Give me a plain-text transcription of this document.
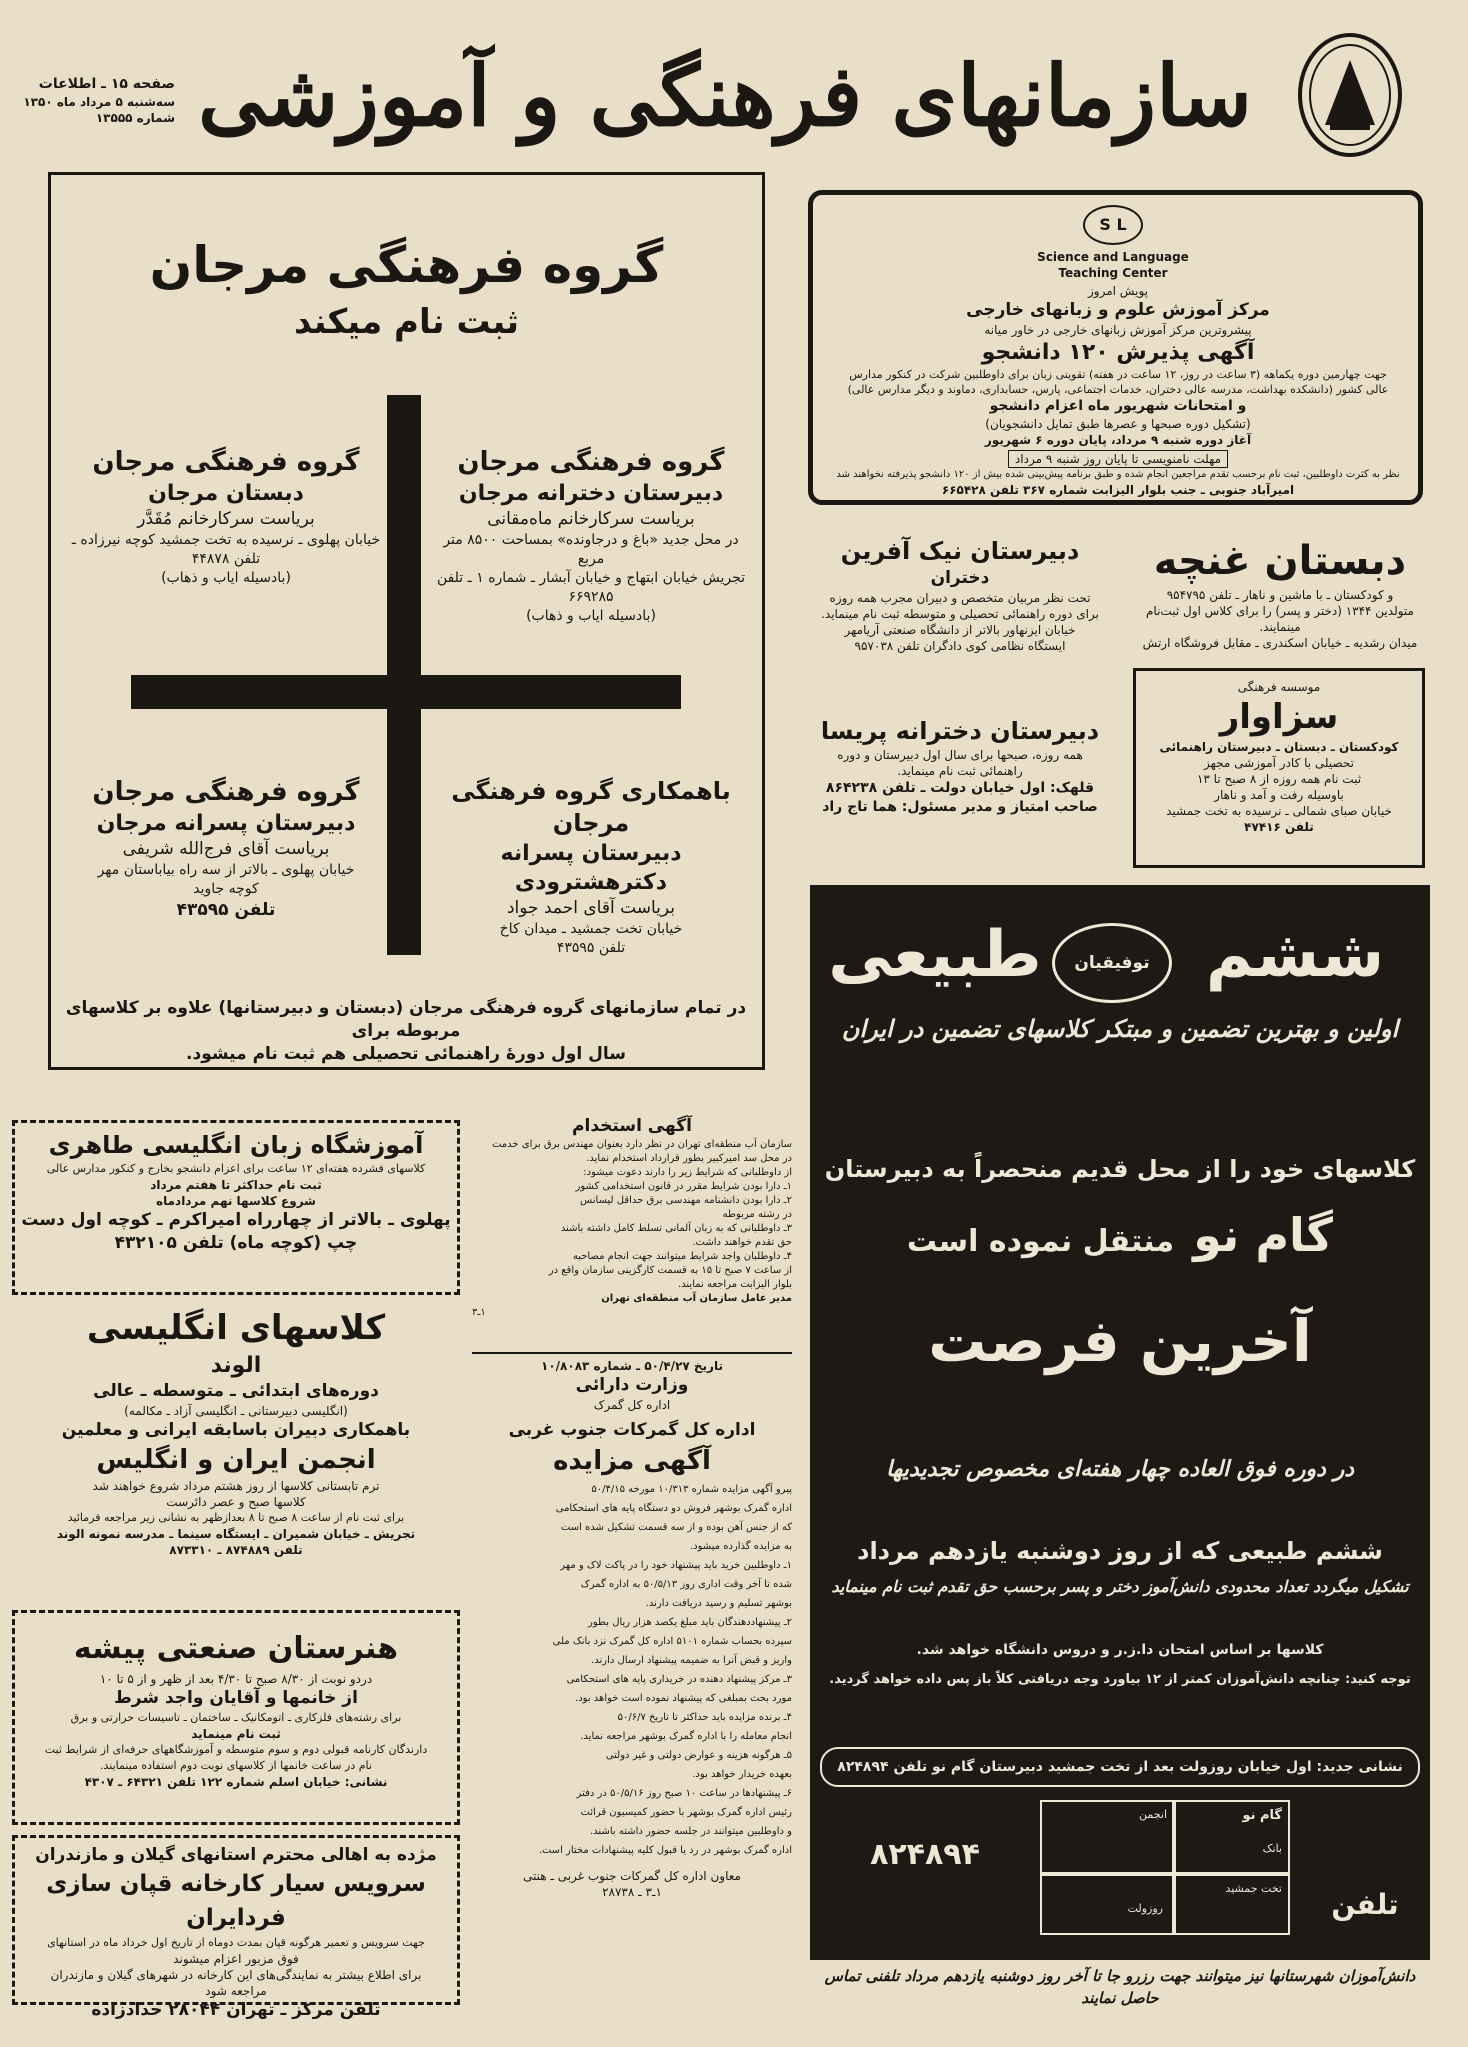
سازمانهای فرهنگی و آموزشی
صفحه ۱۵ ـ اطلاعات
سه‌شنبه ۵ مرداد ماه ۱۳۵۰
شماره ۱۳۵۵۵
گروه فرهنگی مرجان
ثبت نام میکند
گروه فرهنگی مرجان
دبیرستان دخترانه مرجان
بریاست سرکارخانم ماه‌مقانی
در محل جدید «باغ و درجاونده» بمساحت ۸۵۰۰ متر مربع
تجریش خیابان ابتهاج و خیابان آبشار ـ شماره ۱ ـ تلفن ۶۶۹۲۸۵
(بادسیله ایاب و ذهاب)
گروه فرهنگی مرجان
دبستان مرجان
بریاست سرکارخانم مُقَدَّر
خیابان پهلوی ـ نرسیده به تخت جمشید کوچه نیرزاده ـ تلفن ۴۴۸۷۸
(بادسیله ایاب و ذهاب)
باهمکاری گروه فرهنگی مرجان
دبیرستان پسرانه دکترهشترودی
بریاست آقای احمد جواد
خیابان تخت جمشید ـ میدان کاخ
تلفن ۴۳۵۹۵
گروه فرهنگی مرجان
دبیرستان پسرانه مرجان
بریاست آقای فرج‌الله شریفی
خیابان پهلوی ـ بالاتر از سه راه بیاباستان مهر
کوچه جاوید
تلفن ۴۳۵۹۵
در تمام سازمانهای گروه فرهنگی مرجان (دبستان و دبیرستانها) علاوه بر کلاسهای مربوطه برای
سال اول دورهٔ راهنمائی تحصیلی هم ثبت نام میشود.
S L
Science and Language
Teaching Center
پویش امروز
مرکز آموزش علوم و زبانهای خارجی
پیشروترین مرکز آموزش زبانهای خارجی در خاور میانه
آگهی پذیرش ۱۲۰ دانشجو
جهت چهارمین دوره یکماهه (۳ ساعت در روز، ۱۲ ساعت در هفته) تقویتی زبان برای داوطلبین شرکت در کنکور مدارس
عالی کشور (دانشکده بهداشت، مدرسه عالی دختران، خدمات اجتماعی، پارس، حسابداری، دماوند و دیگر مدارس عالی)
و امتحانات شهریور ماه اعزام دانشجو
(تشکیل دوره صبحها و عصرها طبق تمایل دانشجویان)
آغاز دوره شنبه ۹ مرداد، پایان دوره ۶ شهریور
مهلت نامنویسی تا پایان روز شنبه ۹ مرداد
نظر به کثرت داوطلبین، ثبت نام برحسب تقدم مراجعین انجام شده و طبق برنامه پیش‌بینی شده بیش از ۱۲۰ دانشجو پذیرفته نخواهند شد
امیرآباد جنوبی ـ جنب بلوار الیزابت شماره ۳۶۷ تلفن ۶۶۵۴۲۸
دبیرستان نیک آفرین
دختران
تحت نظر مربیان متخصص و دبیران مجرب همه روزه
برای دوره راهنمائی تحصیلی و متوسطه ثبت نام مینماید.
خیابان ایزنهاور بالاتر از دانشگاه صنعتی آریامهر
ایستگاه نظامی کوی دادگران تلفن ۹۵۷۰۳۸
دبستان غنچه
و کودکستان ـ با ماشین و ناهار ـ تلفن ۹۵۴۷۹۵
متولدین ۱۳۴۴ (دختر و پسر) را برای کلاس اول ثبت‌نام مینمایند.
میدان رشدیه ـ خیابان اسکندری ـ مقابل فروشگاه ارتش
دبیرستان دخترانه پریسا
همه روزه، صبحها برای سال اول دبیرستان و دوره
راهنمائی ثبت نام مینماید.
قلهک: اول خیابان دولت ـ تلفن ۸۶۴۲۳۸
صاحب امتیاز و مدیر مسئول: هما تاج راد
موسسه فرهنگی
سزاوار
کودکستان ـ دبستان ـ دبیرستان راهنمائی
تحصیلی با کادر آموزشی مجهز
ثبت نام همه روزه از ۸ صبح تا ۱۳
باوسیله رفت و آمد و ناهار
خیابان صبای شمالی ـ نرسیده به تخت جمشید
تلفن ۴۷۴۱۶
ششم
توفیقیان
طبیعی
اولین و بهترین تضمین و مبتکر کلاسهای تضمین در ایران
کلاسهای خود را از محل قدیم منحصراً به دبیرستان
گام نو منتقل نموده است
آخرین فرصت
در دوره فوق العاده چهار هفته‌ای مخصوص تجدیدیها
ششم طبیعی که از روز دوشنبه یازدهم مرداد
تشکیل میگردد تعداد محدودی دانش‌آموز دختر و پسر برحسب حق تقدم ثبت نام مینماید
کلاسها بر اساس امتحان دا.ز.ر و دروس دانشگاه خواهد شد.
توجه کنید: چنانچه دانش‌آموزان کمتر از ۱۲ بیاورد وجه دریافتی کلاً باز پس داده خواهد گردید.
نشانی جدید: اول خیابان روزولت بعد از تخت جمشید دبیرستان گام نو تلفن ۸۲۴۸۹۴
گام نو
انجمن
بانک
تخت جمشید
روزولت
۸۲۴۸۹۴
تلفن
دانش‌آموزان شهرستانها نیز میتوانند جهت رزرو جا تا آخر روز دوشنبه یازدهم مرداد تلفنی تماس حاصل نمایند
آموزشگاه زبان انگلیسی طاهری
کلاسهای فشرده هفته‌ای ۱۲ ساعت برای اعزام دانشجو بخارج و کنکور مدارس عالی
ثبت نام حداکثر تا هفتم مرداد
شروع کلاسها نهم مردادماه
پهلوی ـ بالاتر از چهارراه امیراکرم ـ کوچه اول دست
چپ (کوچه ماه) تلفن ۴۳۲۱۰۵
کلاسهای انگلیسی
الوند
دوره‌های ابتدائی ـ متوسطه ـ عالی
(انگلیسی دبیرستانی ـ انگلیسی آزاد ـ مکالمه)
باهمکاری دبیران باسابقه ایرانی و معلمین
انجمن ایران و انگلیس
ترم تابستانی کلاسها از روز هشتم مرداد شروع خواهند شد
کلاسها صبح و عصر دائرست
برای ثبت نام از ساعت ۸ صبح تا ۸ بعدازظهر به نشانی زیر مراجعه فرمائید
تجریش ـ خیابان شمیران ـ ایستگاه سینما ـ مدرسه نمونه الوند
تلفن ۸۷۴۸۸۹ ـ ۸۷۳۳۱۰
هنرستان صنعتی پیشه
دردو نوبت از ۸/۳۰ صبح تا ۴/۳۰ بعد از ظهر و از ۵ تا ۱۰
از خانمها و آقایان واجد شرط
برای رشته‌های فلزکاری ـ اتومکانیک ـ ساختمان ـ تاسیسات حرارتی و برق
ثبت نام مینماید
دارندگان کارنامه قبولی دوم و سوم متوسطه و آموزشگاههای حرفه‌ای از شرایط ثبت
نام در ساعت خانمها از کلاسهای نوبت دوم استفاده مینمایند.
نشانی: خیابان اسلم شماره ۱۲۲ تلفن ۶۴۳۲۱ ـ ۴۳۰۷
مژده به اهالی محترم استانهای گیلان و مازندران
سرویس سیار کارخانه قپان سازی فردایران
جهت سرویس و تعمیر هرگونه قپان بمدت دوماه از تاریخ اول خرداد ماه در استانهای
فوق مزبور اعزام میشوند
برای اطلاع بیشتر به نمایندگی‌های این کارخانه در شهرهای گیلان و مازندران
مراجعه شود
تلفن مرکز ـ تهران ۲۸۰۴۴ حدادزاده
آگهی استخدام
سازمان آب منطقه‌ای تهران در نظر دارد بعنوان مهندس برق برای خدمت
در محل سد امیرکبیر بطور قرارداد استخدام نماید.
از داوطلبانی که شرایط زیر را دارند دعوت میشود:
۱ـ دارا بودن شرایط مقرر در قانون استخدامی کشور
۲ـ دارا بودن دانشنامه مهندسی برق حداقل لیسانس
در رشته مربوطه
۳ـ داوطلبانی که به زبان آلمانی تسلط کامل داشته باشند
حق تقدم خواهند داشت.
۴ـ داوطلبان واجد شرایط میتوانند جهت انجام مصاحبه
از ساعت ۷ صبح تا ۱۵ به قسمت کارگزینی سازمان واقع در
بلوار الیزابت مراجعه نمایند.
مدیر عامل سازمان آب منطقه‌ای تهران
۱ـ۳
تاریخ ۵۰/۴/۲۷ ـ شماره ۱۰/۸۰۸۳
وزارت دارائی
اداره کل گمرک
اداره کل گمرکات جنوب غربی
آگهی مزایده
پیرو آگهی مزایده شماره ۱۰/۳۱۳ مورخه ۵۰/۴/۱۵
اداره گمرک بوشهر فروش دو دستگاه پایه های استحکامی
که از جنس آهن بوده و از سه قسمت تشکیل شده است
به مزایده گذارده میشود.
۱ـ داوطلبین خرید باید پیشنهاد خود را در پاکت لاک و مهر
شده تا آخر وقت اداری روز ۵۰/۵/۱۳ به اداره گمرک
بوشهر تسلیم و رسید دریافت دارند.
۲ـ پیشنهاددهندگان باید مبلغ یکصد هزار ریال بطور
سپرده بحساب شماره ۵۱۰۱ اداره کل گمرک نزد بانک ملی
واریز و قبض آنرا به ضمیمه پیشنهاد ارسال دارند.
۳ـ مرکز پیشنهاد دهنده در خریداری پایه های استحکامی
مورد بحث بمبلغی که پیشنهاد نموده است خواهد بود.
۴ـ برنده مزایده باید حداکثر تا تاریخ ۵۰/۶/۷
انجام معامله را با اداره گمرک بوشهر مراجعه نماید.
۵ـ هرگونه هزینه و عوارض دولتی و غیر دولتی
بعهده خریدار خواهد بود.
۶ـ پیشنهادها در ساعت ۱۰ صبح روز ۵۰/۵/۱۶ در دفتر
رئیس اداره گمرک بوشهر با حضور کمیسیون قرائت
و داوطلبین میتوانند در جلسه حضور داشته باشند.
اداره گمرک بوشهر در رد یا قبول کلیه پیشنهادات مختار است.
معاون اداره کل گمرکات جنوب غربی ـ هنتی
۱ـ۳ ـ ۲۸۷۳۸
